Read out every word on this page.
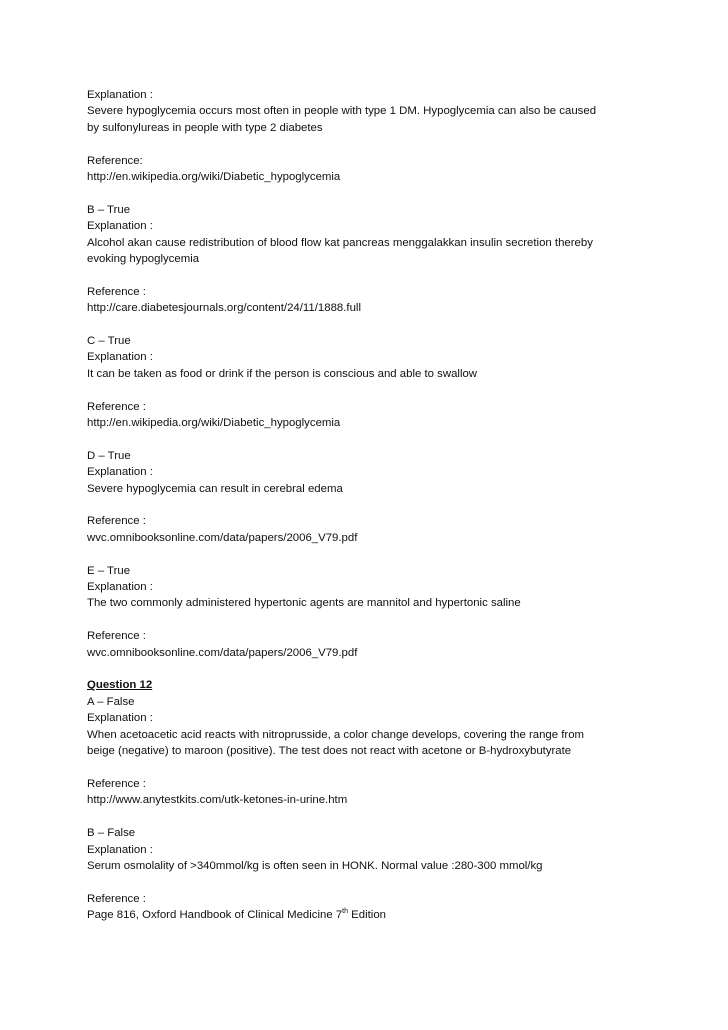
Explanation :
Severe hypoglycemia occurs most often in people with type 1 DM. Hypoglycemia can also be caused
by sulfonylureas in people with type 2 diabetes
Reference:
http://en.wikipedia.org/wiki/Diabetic_hypoglycemia
B – True
Explanation :
Alcohol akan cause redistribution of blood flow kat pancreas menggalakkan insulin secretion thereby
evoking hypoglycemia
Reference :
http://care.diabetesjournals.org/content/24/11/1888.full
C – True
Explanation :
It can be taken as food or drink if the person is conscious and able to swallow
Reference :
http://en.wikipedia.org/wiki/Diabetic_hypoglycemia
D – True
Explanation :
Severe hypoglycemia can result in cerebral edema
Reference :
wvc.omnibooksonline.com/data/papers/2006_V79.pdf
E – True
Explanation :
The two commonly administered hypertonic agents are mannitol and hypertonic saline
Reference :
wvc.omnibooksonline.com/data/papers/2006_V79.pdf
Question 12
A – False
Explanation :
When acetoacetic acid reacts with nitroprusside, a color change develops, covering the range from
beige (negative) to maroon (positive). The test does not react with acetone or B-hydroxybutyrate
Reference :
http://www.anytestkits.com/utk-ketones-in-urine.htm
B – False
Explanation :
Serum osmolality of >340mmol/kg is often seen in HONK. Normal value :280-300 mmol/kg
Reference :
Page 816, Oxford Handbook of Clinical Medicine 7th Edition
